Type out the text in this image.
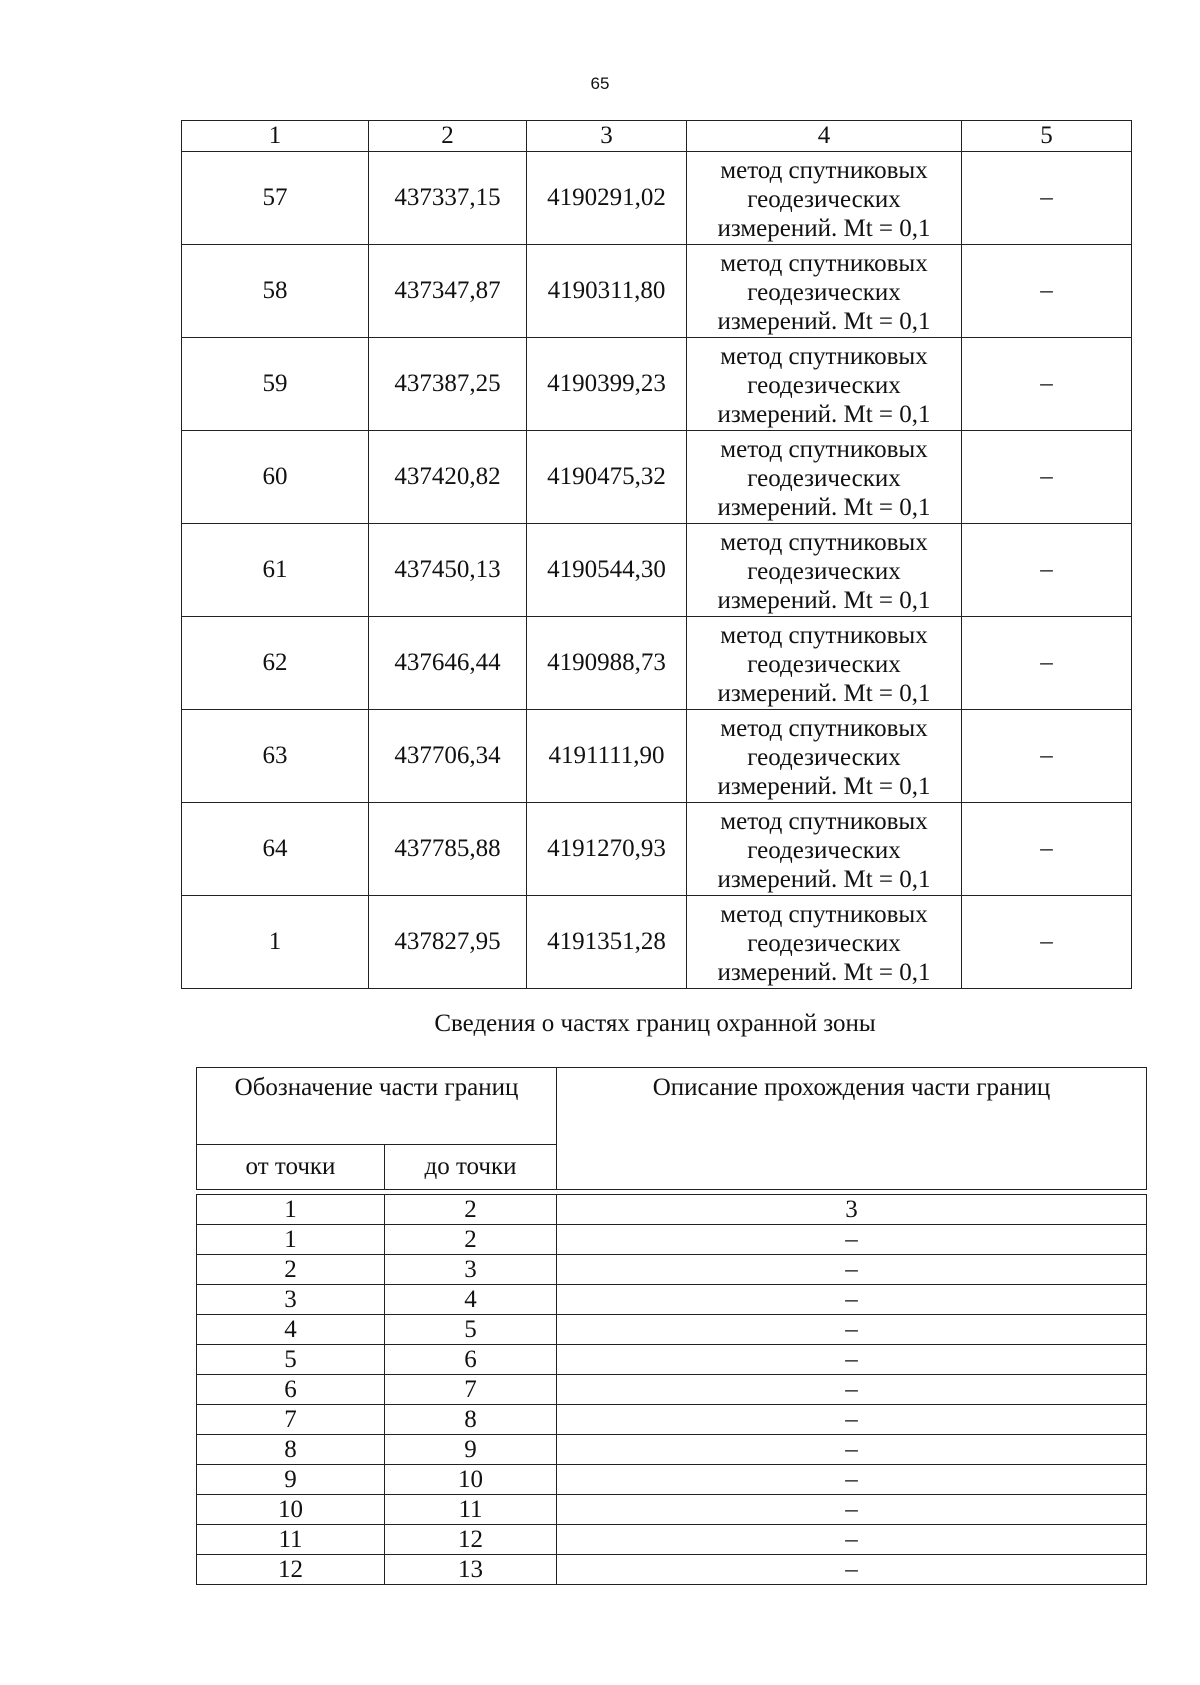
65
1	2	3	4	5
57	437337,15	4190291,02	метод спутниковых
геодезических
измерений. Mt = 0,1	–
58	437347,87	4190311,80	метод спутниковых
геодезических
измерений. Mt = 0,1	–
59	437387,25	4190399,23	метод спутниковых
геодезических
измерений. Mt = 0,1	–
60	437420,82	4190475,32	метод спутниковых
геодезических
измерений. Mt = 0,1	–
61	437450,13	4190544,30	метод спутниковых
геодезических
измерений. Mt = 0,1	–
62	437646,44	4190988,73	метод спутниковых
геодезических
измерений. Mt = 0,1	–
63	437706,34	4191111,90	метод спутниковых
геодезических
измерений. Mt = 0,1	–
64	437785,88	4191270,93	метод спутниковых
геодезических
измерений. Mt = 0,1	–
1	437827,95	4191351,28	метод спутниковых
геодезических
измерений. Mt = 0,1	–
Сведения о частях границ охранной зоны
Обозначение части границ		Описание прохождения части границ
от точки	до точки	

1	2	3
1	2	–
2	3	–
3	4	–
4	5	–
5	6	–
6	7	–
7	8	–
8	9	–
9	10	–
10	11	–
11	12	–
12	13	–
